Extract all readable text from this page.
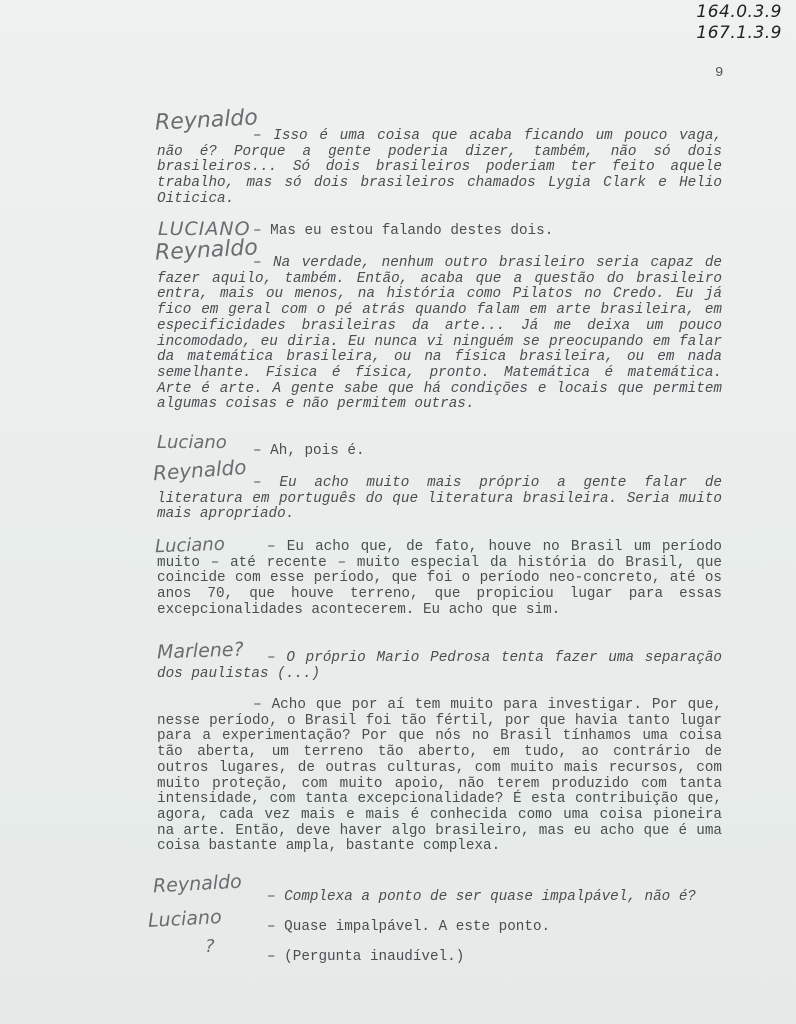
164.0.3.9
167.1.3.9
9
Reynaldo

– Isso é uma coisa que acaba ficando um pouco vaga, não é? Porque a gente poderia dizer, também, não só dois brasileiros... Só dois brasileiros poderiam ter feito aquele trabalho, mas só dois brasileiros chamados Lygia Clark e Helio Oiticica.

LUCIANO – Mas eu estou falando destes dois.

Reynaldo

– Na verdade, nenhum outro brasileiro seria capaz de fazer aquilo, também. Então, acaba que a questão do brasileiro entra, mais ou menos, na história como Pilatos no Credo. Eu já fico em geral com o pé atrás quando falam em arte brasileira, em especificidades brasileiras da arte... Já me deixa um pouco incomodado, eu diria. Eu nunca vi ninguém se preocupando em falar da matemática brasileira, ou na física brasileira, ou em nada semelhante. Física é física, pronto. Matemática é matemática. Arte é arte. A gente sabe que há condições e locais que permitem algumas coisas e não permitem outras.

Luciano	– Ah, pois é.

Reynaldo – Eu acho muito mais próprio a gente falar de literatura em português do que literatura brasileira. Seria muito mais apropriado.

Luciano	– Eu acho que, de fato, houve no Brasil um período muito – até recente – muito especial da história do Brasil, que coincide com esse período, que foi o período neo-concreto, até os anos 70, que houve terreno, que propiciou lugar para essas excepcionalidades acontecerem. Eu acho que sim.

Marlene?	– O próprio Mario Pedrosa tenta fazer uma separação dos paulistas (...)

– Acho que por aí tem muito para investigar. Por que, nesse período, o Brasil foi tão fértil, por que havia tanto lugar para a experimentação? Por que nós no Brasil tínhamos uma coisa tão aberta, um terreno tão aberto, em tudo, ao contrário de outros lugares, de outras culturas, com muito mais recursos, com muito proteção, com muito apoio, não terem produzido com tanta intensidade, com tanta excepcionalidade? É esta contribuição que, agora, cada vez mais e mais é conhecida como uma coisa pioneira na arte. Então, deve haver algo brasileiro, mas eu acho que é uma coisa bastante ampla, bastante complexa.

Reynaldo	– Complexa a ponto de ser quase impalpável, não é?

Luciano	– Quase impalpável. A este ponto.

?	– (Pergunta inaudível.)
